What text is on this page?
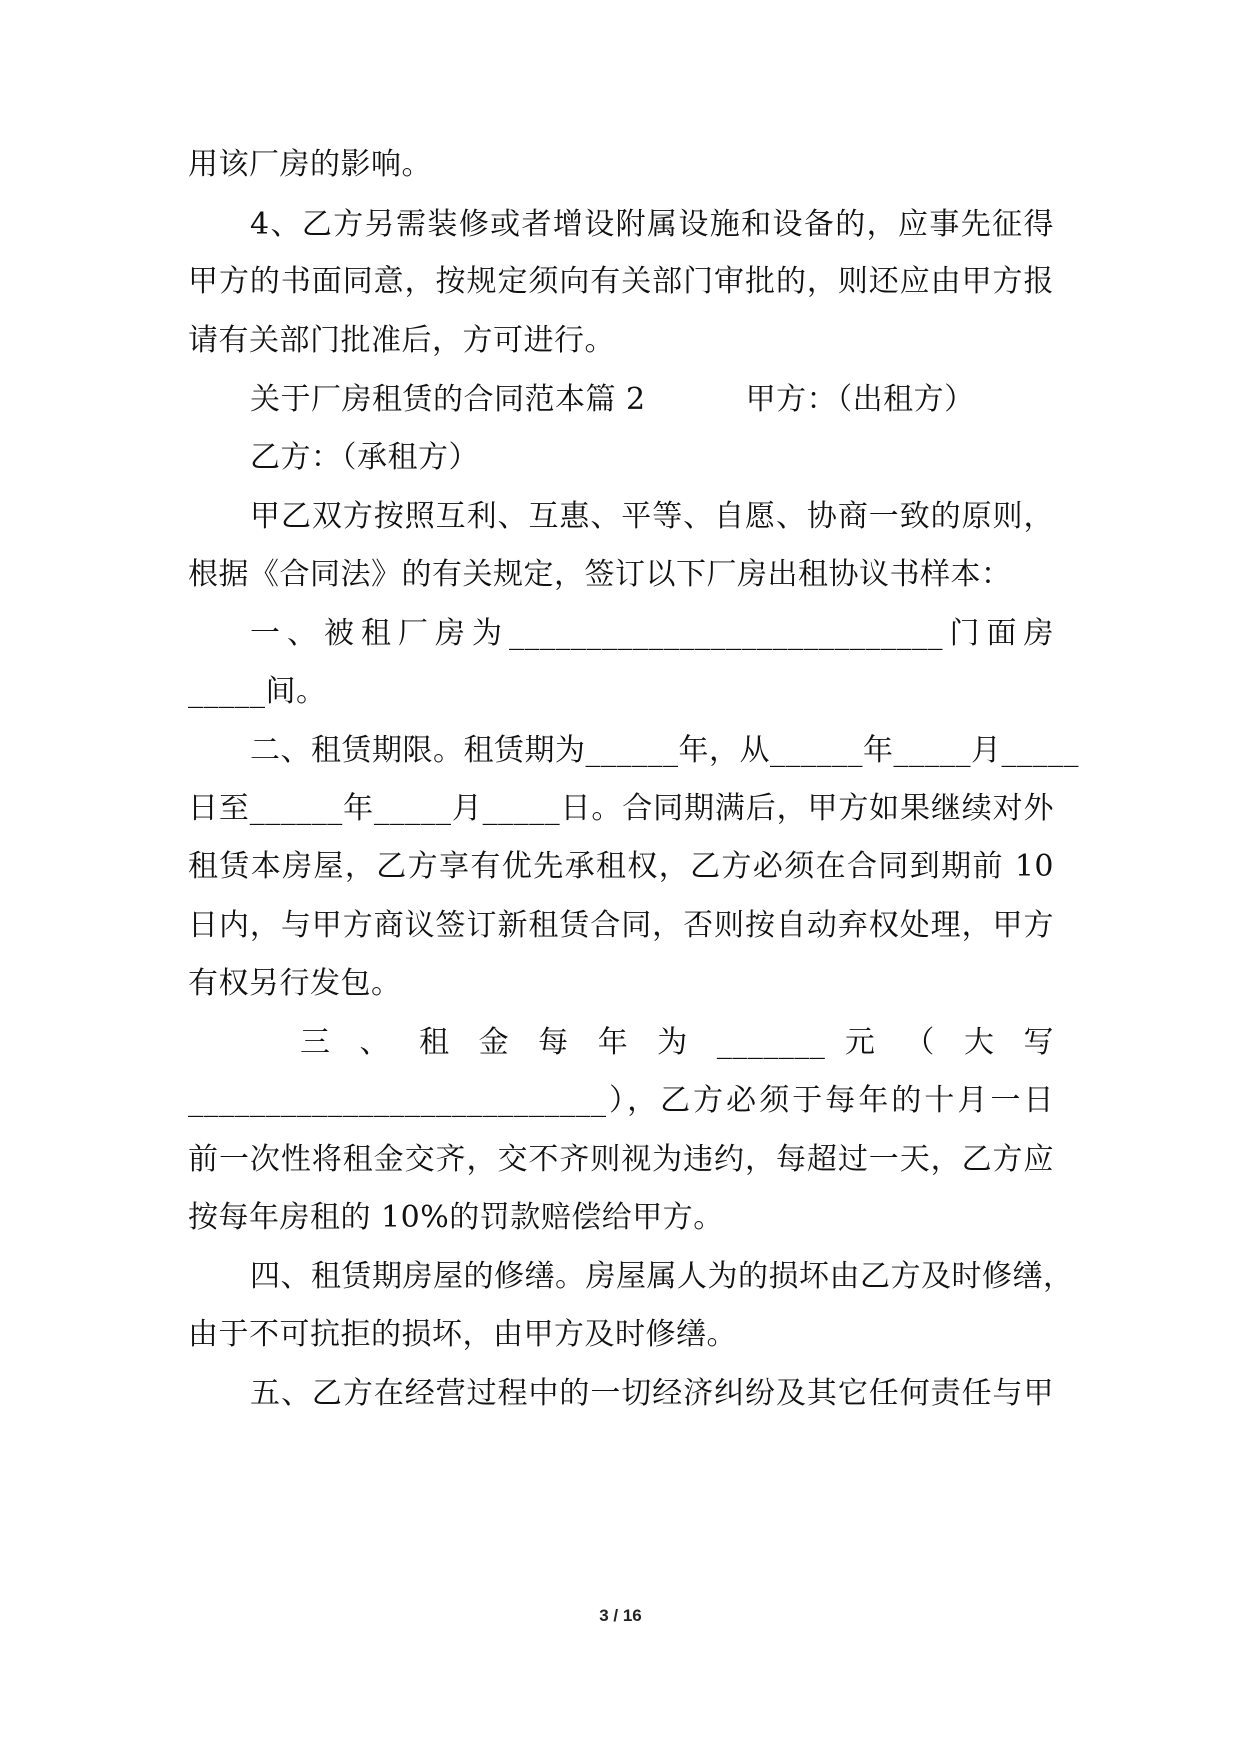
用该厂房的影响。
4、乙方另需装修或者增设附属设施和设备的，应事先征得
甲方的书面同意，按规定须向有关部门审批的，则还应由甲方报
请有关部门批准后，方可进行。
关于厂房租赁的合同范本篇 2	甲方：（出租方）
乙方：（承租方）
甲乙双方按照互利、互惠、平等、自愿、协商一致的原则，
根据《合同法》的有关规定，签订以下厂房出租协议书样本：
一、被租厂房为____________________________门面房
_____间。
二、租赁期限。租赁期为______年，从______年_____月_____
日至______年_____月_____日。合同期满后，甲方如果继续对外
租赁本房屋，乙方享有优先承租权，乙方必须在合同到期前 10
日内，与甲方商议签订新租赁合同，否则按自动弃权处理，甲方
有权另行发包。
三 、 租 金 每 年 为 _______ 元 （ 大 写
___________________________），乙方必须于每年的十月一日
前一次性将租金交齐，交不齐则视为违约，每超过一天，乙方应
按每年房租的 10%的罚款赔偿给甲方。
四、租赁期房屋的修缮。房屋属人为的损坏由乙方及时修缮，
由于不可抗拒的损坏，由甲方及时修缮。
五、乙方在经营过程中的一切经济纠纷及其它任何责任与甲
3 / 16
